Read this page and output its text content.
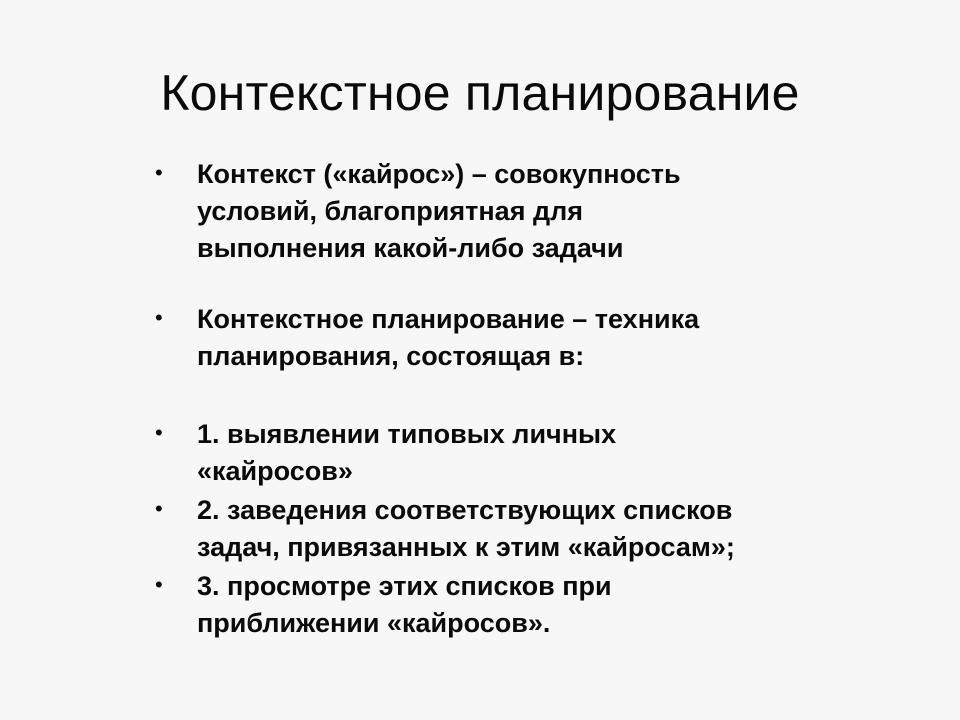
Контекстное планирование
• Контекст («кайрос») – совокупность
условий, благоприятная для
выполнения какой-либо задачи
• Контекстное планирование – техника
планирования, состоящая в:
• 1. выявлении типовых личных
«кайросов»
• 2. заведения соответствующих списков
задач, привязанных к этим «кайросам»;
• 3. просмотре этих списков при
приближении «кайросов».
